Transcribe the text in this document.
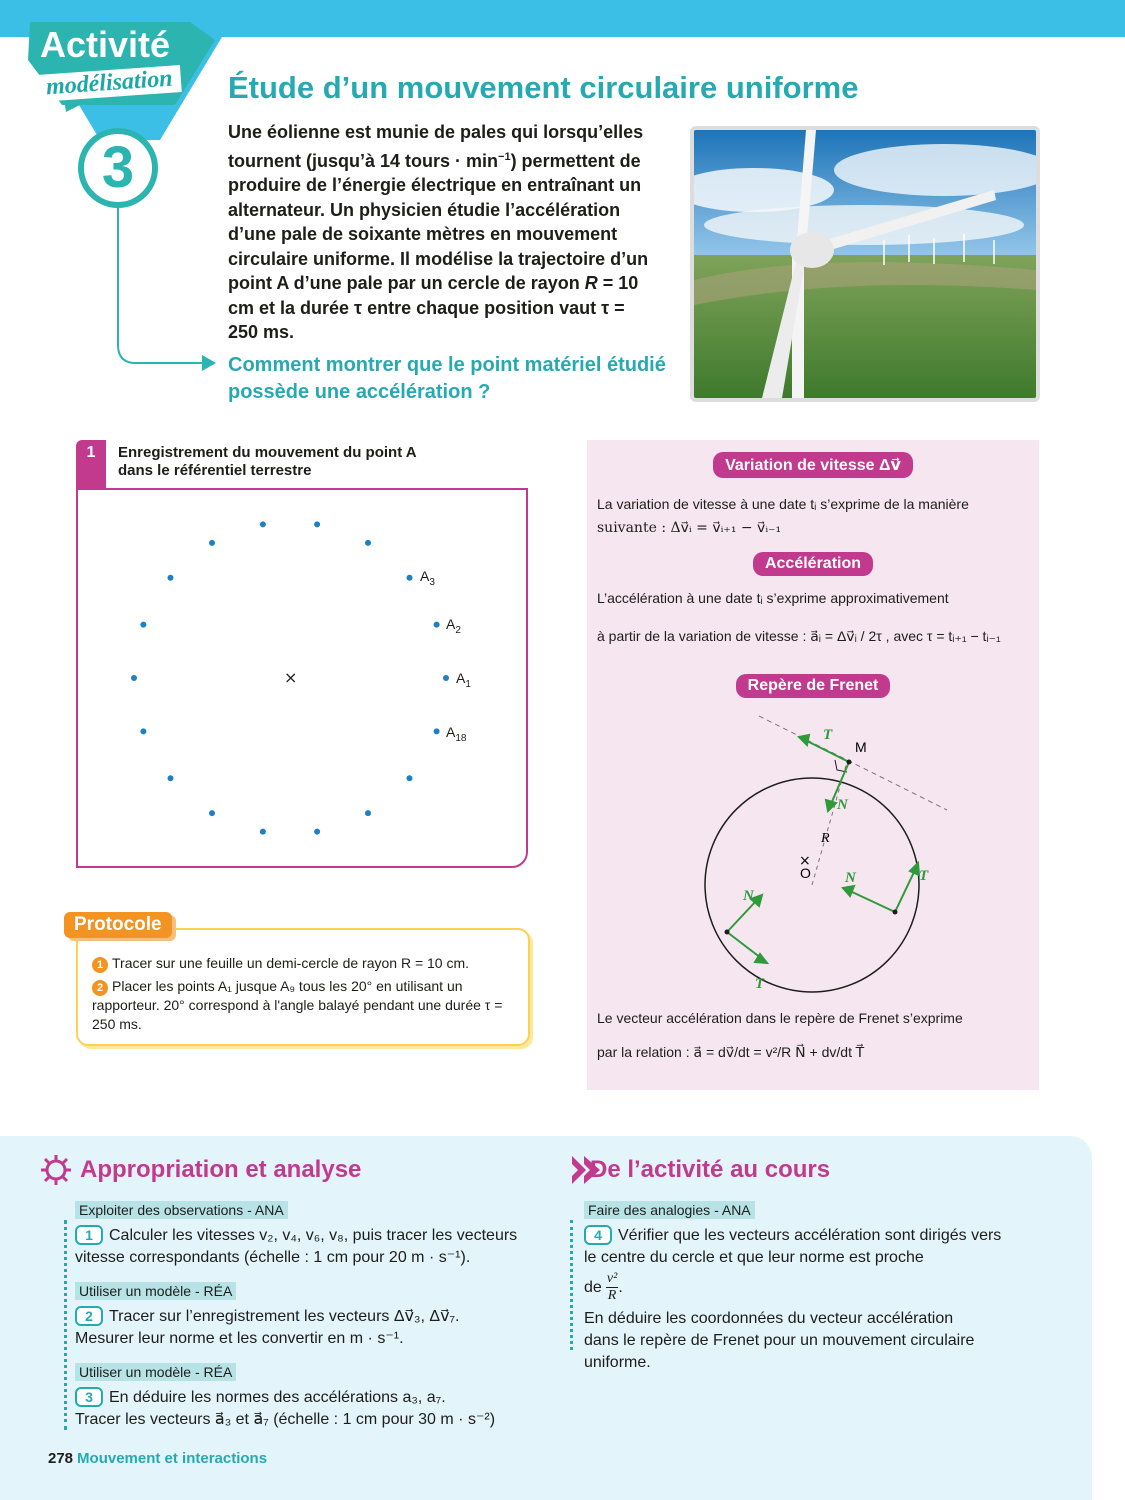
Activité
modélisation
3
Étude d’un mouvement circulaire uniforme
Une éolienne est munie de pales qui lorsqu’elles tournent (jusqu’à 14 tours · $\min^{-1}$) permettent de produire de l’énergie électrique en entraînant un alternateur. Un physicien étudie l’accélération d’une pale de soixante mètres en mouvement circulaire uniforme. Il modélise la trajectoire d’un point A d’une pale par un cercle de rayon R = 10 cm et la durée τ entre chaque position vaut τ = 250 ms.
Comment montrer que le point matériel étudié possède une accélération ?
1	Enregistrement du mouvement du point A
dans le référentiel terrestre
×
$A_3$
$A_2$
$A_1$
$A_{18}$
1 Tracer sur une feuille un demi-cercle de rayon R = 10 cm.
2 Placer les points A₁ jusque A₉ tous les 20° en utilisant un rapporteur. 20° correspond à l'angle balayé pendant une durée τ = 250 ms.
Protocole
Variation de vitesse Δv⃗
La variation de vitesse à une date tᵢ s’exprime de la manière
suivante : Δv⃗ᵢ = v⃗ᵢ₊₁ − v⃗ᵢ₋₁
Accélération
L’accélération à une date tᵢ s’exprime approximativement
à partir de la variation de vitesse : a⃗ᵢ = Δv⃗ᵢ / 2τ , avec τ = tᵢ₊₁ − tᵢ₋₁
Repère de Frenet
×
O
M
R
T
N
N
T
N	T
Le vecteur accélération dans le repère de Frenet s’exprime
par la relation : a⃗ = dv⃗/dt = v²/R N⃗ + dv/dt T⃗
Appropriation et analyse
Exploiter des observations - ANA
1 Calculer les vitesses v₂, v₄, v₆, v₈, puis tracer les vecteurs
vitesse correspondants (échelle : 1 cm pour 20 m · s⁻¹).
Utiliser un modèle - RÉA
2 Tracer sur l’enregistrement les vecteurs Δv⃗₃, Δv⃗₇.
Mesurer leur norme et les convertir en m · s⁻¹.
Utiliser un modèle - RÉA
3 En déduire les normes des accélérations a₃, a₇.
Tracer les vecteurs a⃗₃ et a⃗₇ (échelle : 1 cm pour 30 m · s⁻²)
De l’activité au cours
Faire des analogies - ANA
4 Vérifier que les vecteurs accélération sont dirigés vers
le centre du cercle et que leur norme est proche
de v²
R .
En déduire les coordonnées du vecteur accélération
dans le repère de Frenet pour un mouvement circulaire
uniforme.
278 Mouvement et interactions
